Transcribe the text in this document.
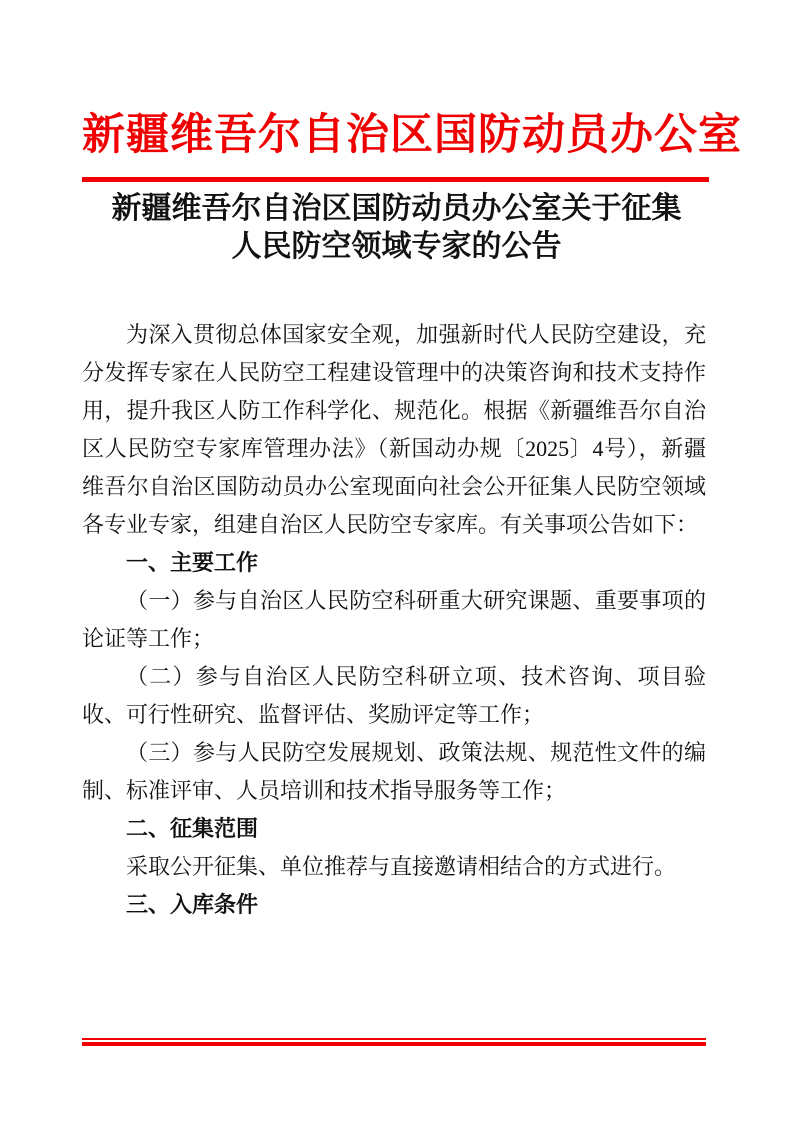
新疆维吾尔自治区国防动员办公室
新疆维吾尔自治区国防动员办公室关于征集
人民防空领域专家的公告

为深入贯彻总体国家安全观，加强新时代人民防空建设，充分发挥专家在人民防空工程建设管理中的决策咨询和技术支持作用，提升我区人防工作科学化、规范化。根据《新疆维吾尔自治区人民防空专家库管理办法》（新国动办规〔2025〕4号），新疆维吾尔自治区国防动员办公室现面向社会公开征集人民防空领域各专业专家，组建自治区人民防空专家库。有关事项公告如下：

一、主要工作

（一）参与自治区人民防空科研重大研究课题、重要事项的论证等工作；

（二）参与自治区人民防空科研立项、技术咨询、项目验收、可行性研究、监督评估、奖励评定等工作；

（三）参与人民防空发展规划、政策法规、规范性文件的编制、标准评审、人员培训和技术指导服务等工作；

二、征集范围

采取公开征集、单位推荐与直接邀请相结合的方式进行。

三、入库条件
